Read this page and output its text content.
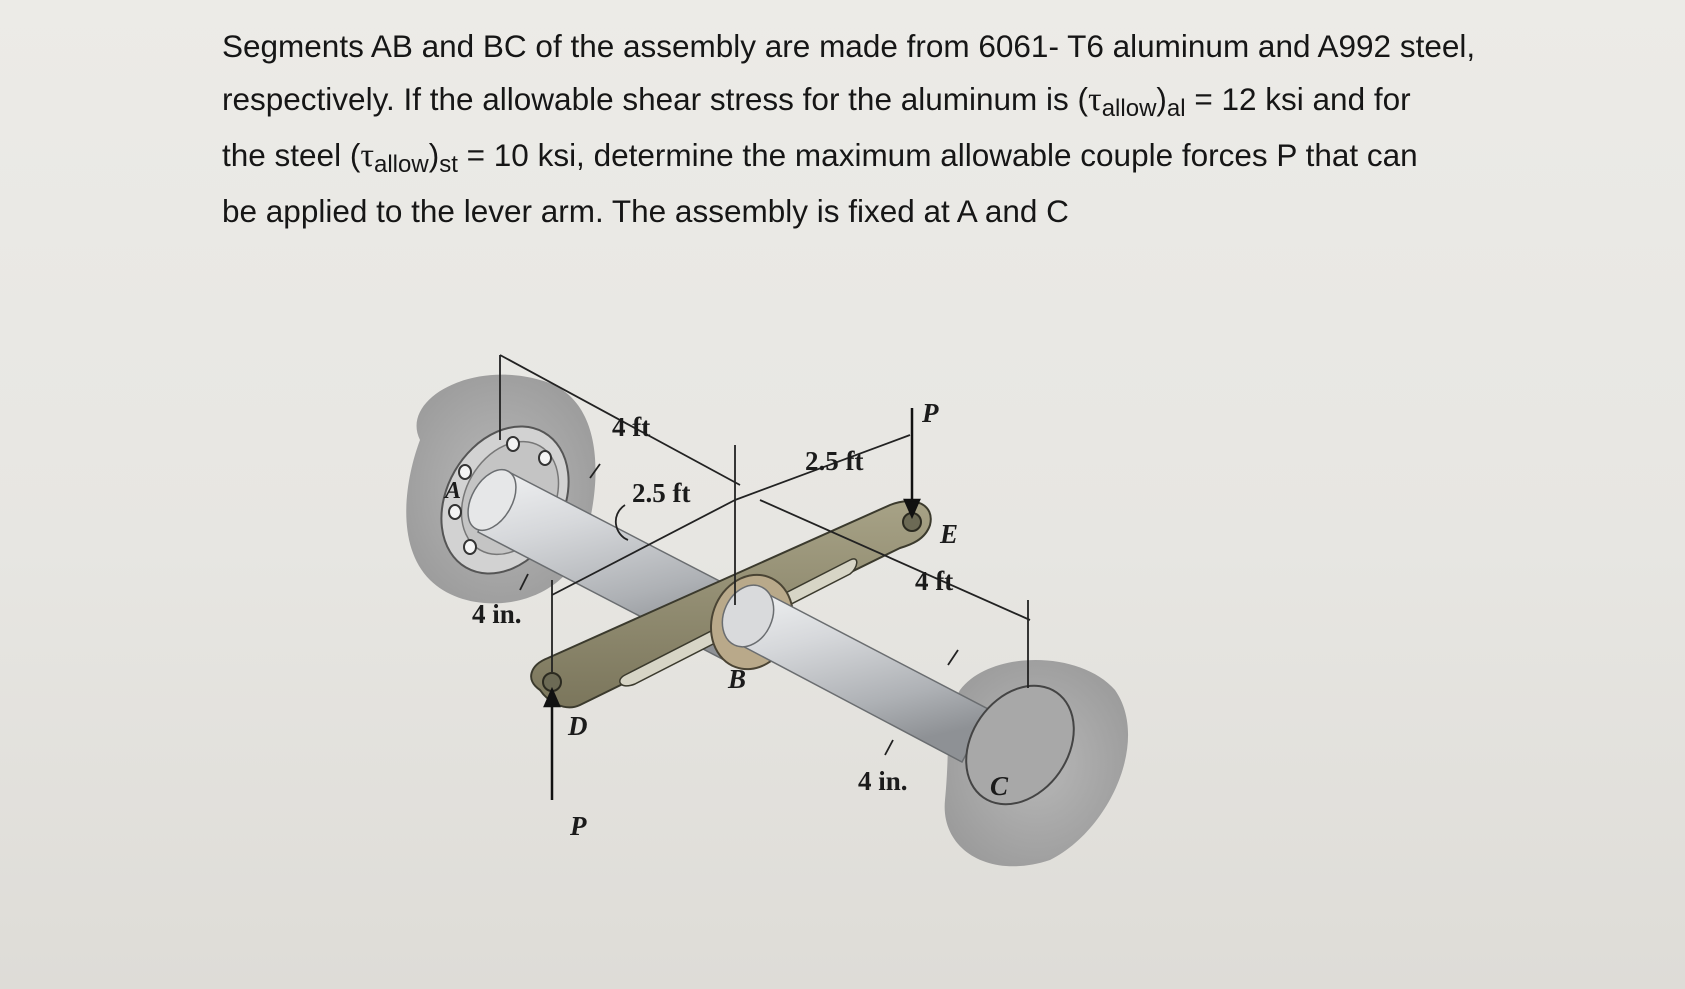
Segments AB and BC of the assembly are made from 6061- T6 aluminum and A992 steel,
respectively. If the allowable shear stress for the aluminum is (τallow)al = 12 ksi and for
the steel (τallow)st = 10 ksi, determine the maximum allowable couple forces P that can
be applied to the lever arm. The assembly is fixed at A and C
4 ft
2.5 ft
2.5 ft
4 ft
4 in.
4 in.
A
B
C
D
E
P
P
